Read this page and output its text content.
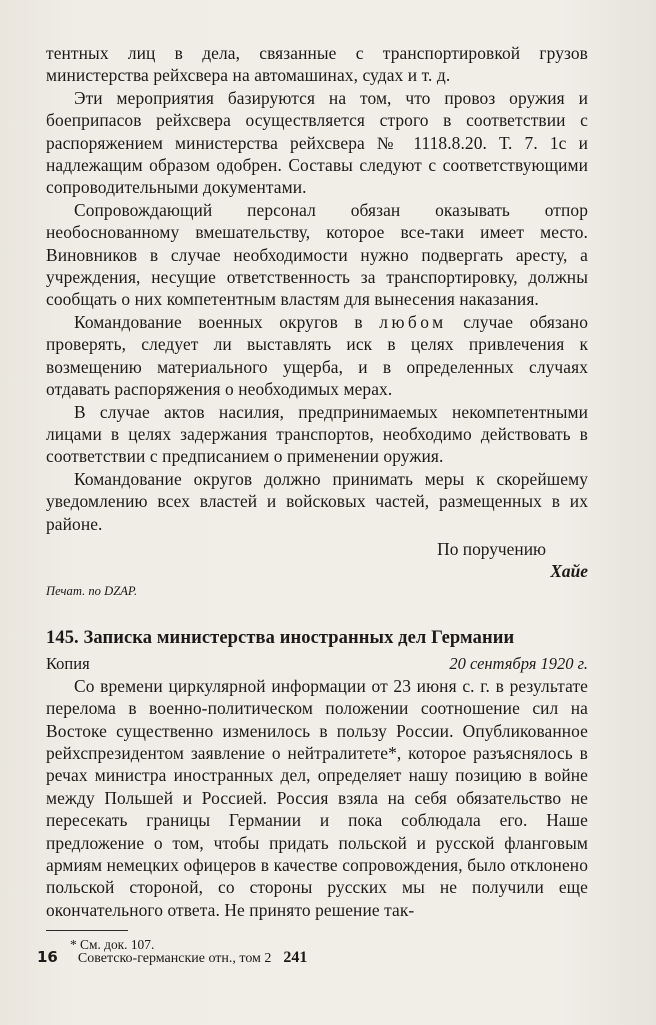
тентных лиц в дела, связанные с транспортировкой грузов министерства рейхсвера на автомашинах, судах и т. д.

Эти мероприятия базируются на том, что провоз оружия и боеприпасов рейхсвера осуществляется строго в соответствии с распоряжением министерства рейхсвера № 1118.8.20. Т. 7. 1с и надлежащим образом одобрен. Составы следуют с соответствующими сопроводительными документами.

Сопровождающий персонал обязан оказывать отпор необоснованному вмешательству, которое все-таки имеет место. Виновников в случае необходимости нужно подвергать аресту, а учреждения, несущие ответственность за транспортировку, должны сообщать о них компетентным властям для вынесения наказания.

Командование военных округов в любом случае обязано проверять, следует ли выставлять иск в целях привлечения к возмещению материального ущерба, и в определенных случаях отдавать распоряжения о необходимых мерах.

В случае актов насилия, предпринимаемых некомпетентными лицами в целях задержания транспортов, необходимо действовать в соответствии с предписанием о применении оружия.

Командование округов должно принимать меры к скорейшему уведомлению всех властей и войсковых частей, размещенных в их районе.

По поручению
Хайе
Печат. по DZAP.
145. Записка министерства иностранных дел Германии
Копия	20 сентября 1920 г.

Со времени циркулярной информации от 23 июня с. г. в результате перелома в военно-политическом положении соотношение сил на Востоке существенно изменилось в пользу России. Опубликованное рейхспрезидентом заявление о нейтралитете*, которое разъяснялось в речах министра иностранных дел, определяет нашу позицию в войне между Польшей и Россией. Россия взяла на себя обязательство не пересекать границы Германии и пока соблюдала его. Наше предложение о том, чтобы придать польской и русской фланговым армиям немецких офицеров в качестве сопровождения, было отклонено польской стороной, со стороны русских мы не получили еще окончательного ответа. Не принято решение так-

* См. док. 107.
16 Советско-германские отн., том 2 241
